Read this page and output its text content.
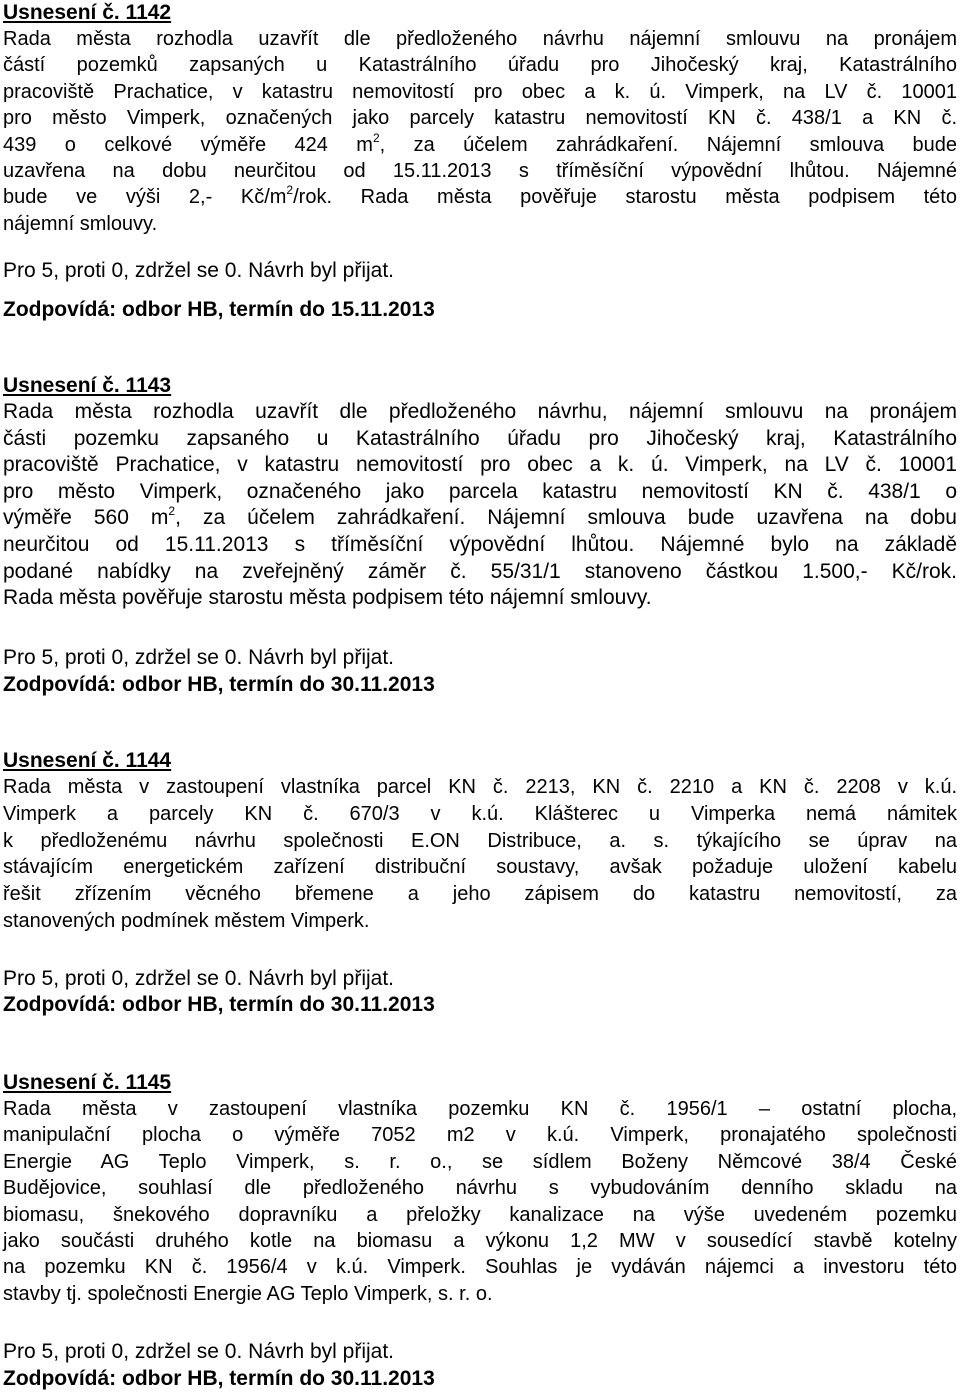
Usnesení č. 1142
Rada města rozhodla uzavřít dle předloženého návrhu nájemní smlouvu na pronájem
částí pozemků zapsaných u Katastrálního úřadu pro Jihočeský kraj, Katastrálního
pracoviště Prachatice, v katastru nemovitostí pro obec a k. ú. Vimperk, na LV č. 10001
pro město Vimperk, označených jako parcely katastru nemovitostí KN č. 438/1 a KN č.
439 o celkové výměře 424 $m^2$, za účelem zahrádkaření. Nájemní smlouva bude
uzavřena na dobu neurčitou od 15.11.2013 s tříměsíční výpovědní lhůtou. Nájemné
bude ve výši 2,- $Kč/m^2$/rok. Rada města pověřuje starostu města podpisem této
nájemní smlouvy.

Pro 5, proti 0, zdržel se 0. Návrh byl přijat.

Zodpovídá: odbor HB, termín do 15.11.2013

Usnesení č. 1143
Rada města rozhodla uzavřít dle předloženého návrhu, nájemní smlouvu na pronájem
části pozemku zapsaného u Katastrálního úřadu pro Jihočeský kraj, Katastrálního
pracoviště Prachatice, v katastru nemovitostí pro obec a k. ú. Vimperk, na LV č. 10001
pro město Vimperk, označeného jako parcela katastru nemovitostí KN č. 438/1 o
výměře 560 $m^2$, za účelem zahrádkaření. Nájemní smlouva bude uzavřena na dobu
neurčitou od 15.11.2013 s tříměsíční výpovědní lhůtou. Nájemné bylo na základě
podané nabídky na zveřejněný záměr č. 55/31/1 stanoveno částkou 1.500,- Kč/rok.
Rada města pověřuje starostu města podpisem této nájemní smlouvy.

Pro 5, proti 0, zdržel se 0. Návrh byl přijat.

Zodpovídá: odbor HB, termín do 30.11.2013

Usnesení č. 1144
Rada města v zastoupení vlastníka parcel KN č. 2213, KN č. 2210 a KN č. 2208 v k.ú.
Vimperk a parcely KN č. 670/3 v k.ú. Klášterec u Vimperka nemá námitek
k předloženému návrhu společnosti E.ON Distribuce, a. s. týkajícího se úprav na
stávajícím energetickém zařízení distribuční soustavy, avšak požaduje uložení kabelu
řešit zřízením věcného břemene a jeho zápisem do katastru nemovitostí, za
stanovených podmínek městem Vimperk.

Pro 5, proti 0, zdržel se 0. Návrh byl přijat.

Zodpovídá: odbor HB, termín do 30.11.2013

Usnesení č. 1145
Rada města v zastoupení vlastníka pozemku KN č. 1956/1 – ostatní plocha,
manipulační plocha o výměře 7052 m2 v k.ú. Vimperk, pronajatého společnosti
Energie AG Teplo Vimperk, s. r. o., se sídlem Boženy Němcové 38/4 České
Budějovice, souhlasí dle předloženého návrhu s vybudováním denního skladu na
biomasu, šnekového dopravníku a přeložky kanalizace na výše uvedeném pozemku
jako součásti druhého kotle na biomasu a výkonu 1,2 MW v sousedící stavbě kotelny
na pozemku KN č. 1956/4 v k.ú. Vimperk. Souhlas je vydáván nájemci a investoru této
stavby tj. společnosti Energie AG Teplo Vimperk, s. r. o.

Pro 5, proti 0, zdržel se 0. Návrh byl přijat.

Zodpovídá: odbor HB, termín do 30.11.2013
